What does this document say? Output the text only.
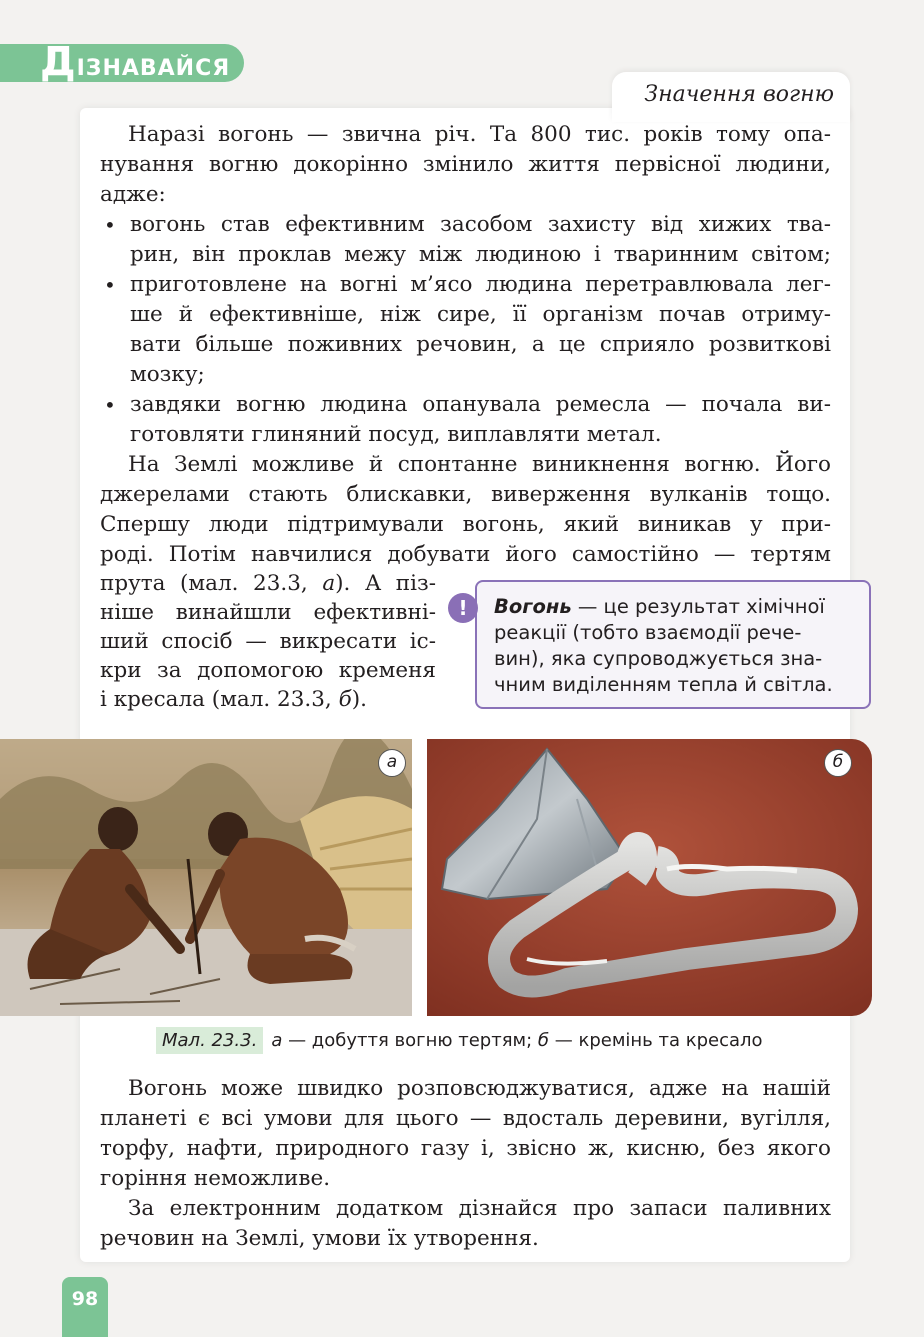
ДІЗНАВАЙСЯ
Значення вогню
Наразі вогонь — звична річ. Та 800 тис. років тому опа-
нування вогню докорінно змінило життя первісної людини,
адже:
• вогонь став ефективним засобом захисту від хижих тва-
рин, він проклав межу між людиною і тваринним світом;
• приготовлене на вогні м’ясо людина перетравлювала лег-
ше й ефективніше, ніж сире, її організм почав отриму-
вати більше поживних речовин, а це сприяло розвиткові
мозку;
• завдяки вогню людина опанувала ремесла — почала ви-
готовляти глиняний посуд, виплавляти метал.
На Землі можливе й спонтанне виникнення вогню. Його
джерелами стають блискавки, виверження вулканів тощо.
Спершу люди підтримували вогонь, який виникав у при-
роді. Потім навчилися добувати його самостійно — тертям
прута (мал. 23.3, а). А піз-
ніше винайшли ефективні-
ший спосіб — викресати іс-
кри за допомогою кременя
і кресала (мал. 23.3, б).
!	Вогонь — це результат хімічної
реакції (тобто взаємодії рече-
вин), яка супроводжується зна-
чним виділенням тепла й світла.
а	б
Мал. 23.3. а — добуття вогню тертям; б — кремінь та кресало
Вогонь може швидко розповсюджуватися, адже на нашій
планеті є всі умови для цього — вдосталь деревини, вугілля,
торфу, нафти, природного газу і, звісно ж, кисню, без якого
горіння неможливе.
За електронним додатком дізнайся про запаси паливних
речовин на Землі, умови їх утворення.
98
